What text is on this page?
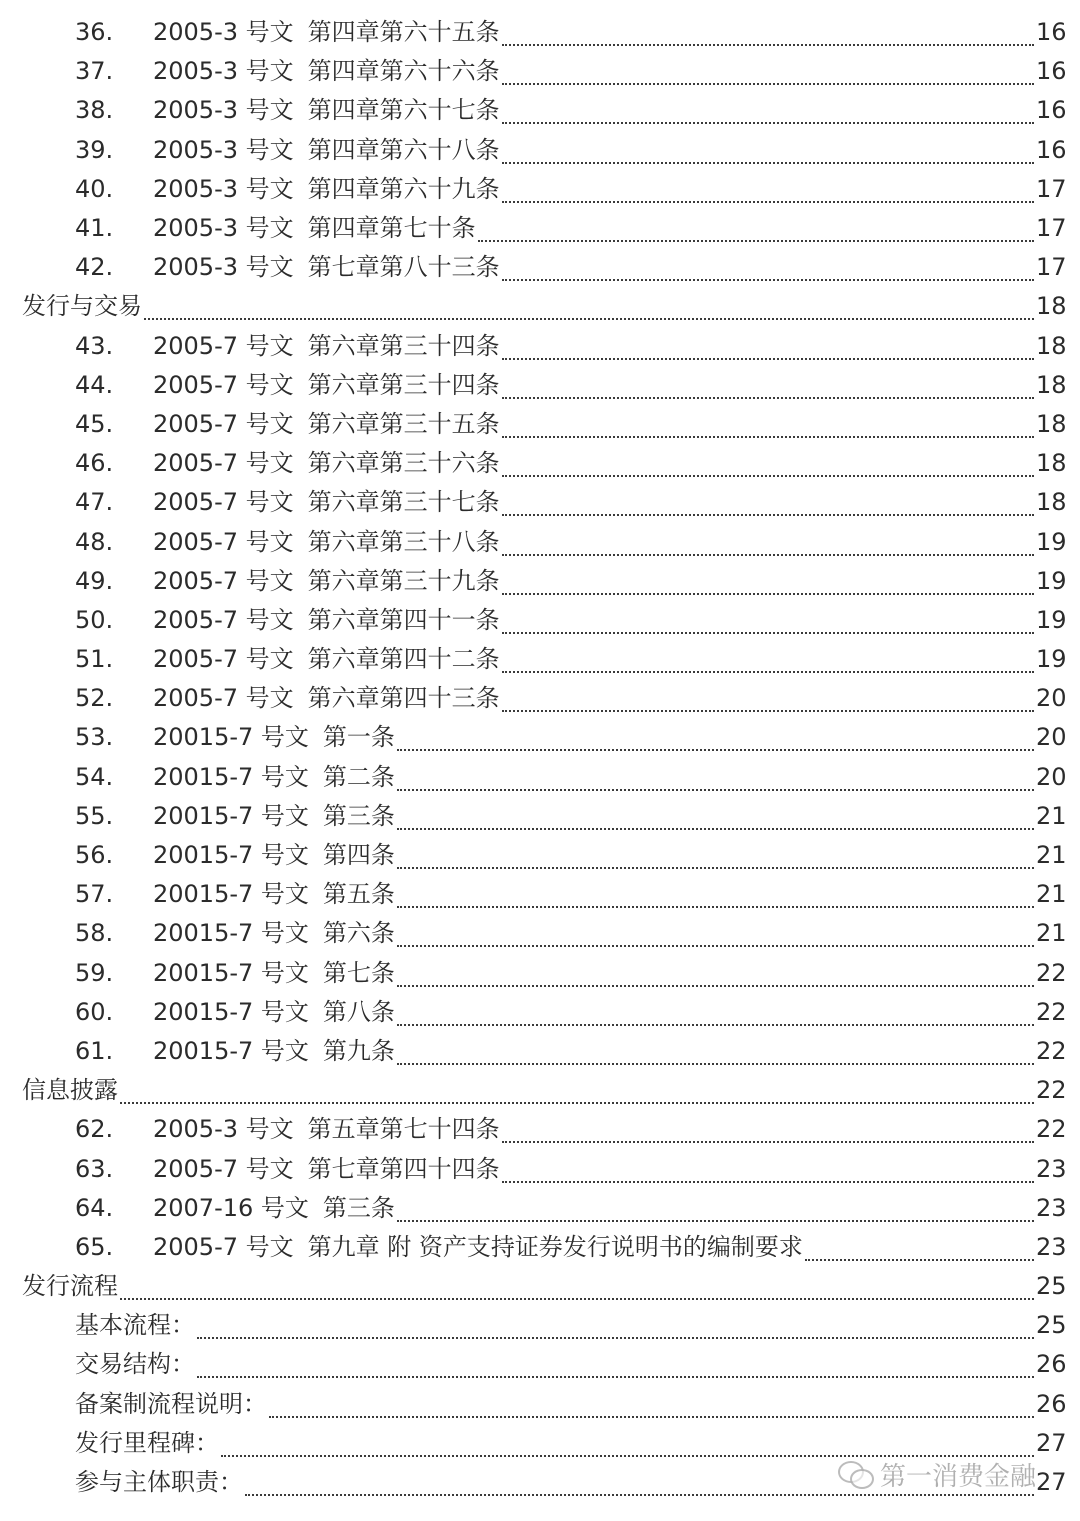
36.	2005-3 号文 第四章第六十五条	16
37.	2005-3 号文 第四章第六十六条	16
38.	2005-3 号文 第四章第六十七条	16
39.	2005-3 号文 第四章第六十八条	16
40.	2005-3 号文 第四章第六十九条	17
41.	2005-3 号文 第四章第七十条	17
42.	2005-3 号文 第七章第八十三条	17
发行与交易	18
43.	2005-7 号文 第六章第三十四条	18
44.	2005-7 号文 第六章第三十四条	18
45.	2005-7 号文 第六章第三十五条	18
46.	2005-7 号文 第六章第三十六条	18
47.	2005-7 号文 第六章第三十七条	18
48.	2005-7 号文 第六章第三十八条	19
49.	2005-7 号文 第六章第三十九条	19
50.	2005-7 号文 第六章第四十一条	19
51.	2005-7 号文 第六章第四十二条	19
52.	2005-7 号文 第六章第四十三条	20
53.	20015-7 号文 第一条	20
54.	20015-7 号文 第二条	20
55.	20015-7 号文 第三条	21
56.	20015-7 号文 第四条	21
57.	20015-7 号文 第五条	21
58.	20015-7 号文 第六条	21
59.	20015-7 号文 第七条	22
60.	20015-7 号文 第八条	22
61.	20015-7 号文 第九条	22
信息披露	22
62.	2005-3 号文 第五章第七十四条	22
63.	2005-7 号文 第七章第四十四条	23
64.	2007-16 号文 第三条	23
65.	2005-7 号文 第九章 附 资产支持证券发行说明书的编制要求	23
发行流程	25
基本流程：	25
交易结构：	26
备案制流程说明：	26
发行里程碑：	27
参与主体职责：	27
第一消费金融
